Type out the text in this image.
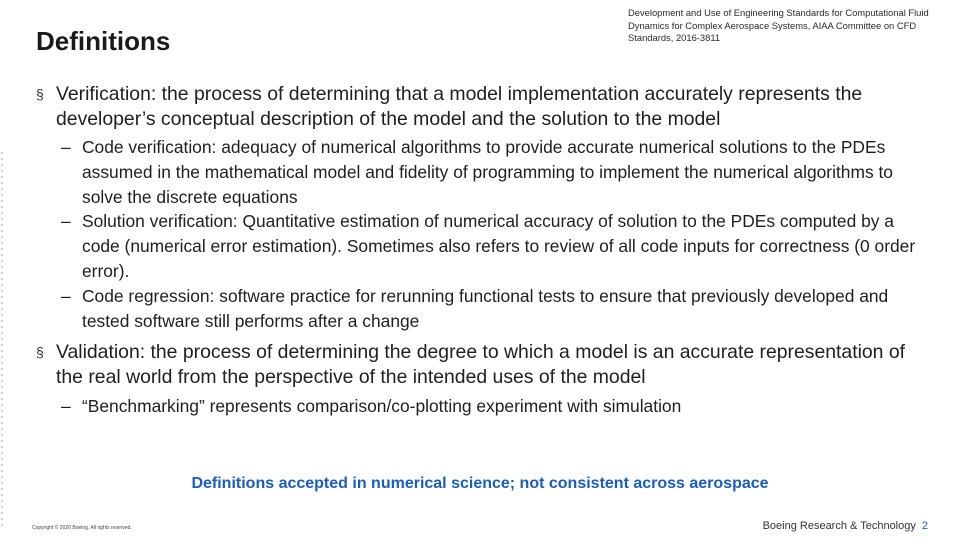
Definitions
Development and Use of Engineering Standards for Computational Fluid Dynamics for Complex Aerospace Systems, AIAA Committee on CFD Standards, 2016-3811
§ Verification: the process of determining that a model implementation accurately represents the developer’s conceptual description of the model and the solution to the model
– Code verification: adequacy of numerical algorithms to provide accurate numerical solutions to the PDEs assumed in the mathematical model and fidelity of programming to implement the numerical algorithms to solve the discrete equations
– Solution verification: Quantitative estimation of numerical accuracy of solution to the PDEs computed by a code (numerical error estimation). Sometimes also refers to review of all code inputs for correctness (0 order error).
– Code regression: software practice for rerunning functional tests to ensure that previously developed and tested software still performs after a change
§ Validation: the process of determining the degree to which a model is an accurate representation of the real world from the perspective of the intended uses of the model
– “Benchmarking” represents comparison/co-plotting experiment with simulation
Definitions accepted in numerical science; not consistent across aerospace
Copyright © 2020 Boeing. All rights reserved.	Boeing Research & Technology 2
